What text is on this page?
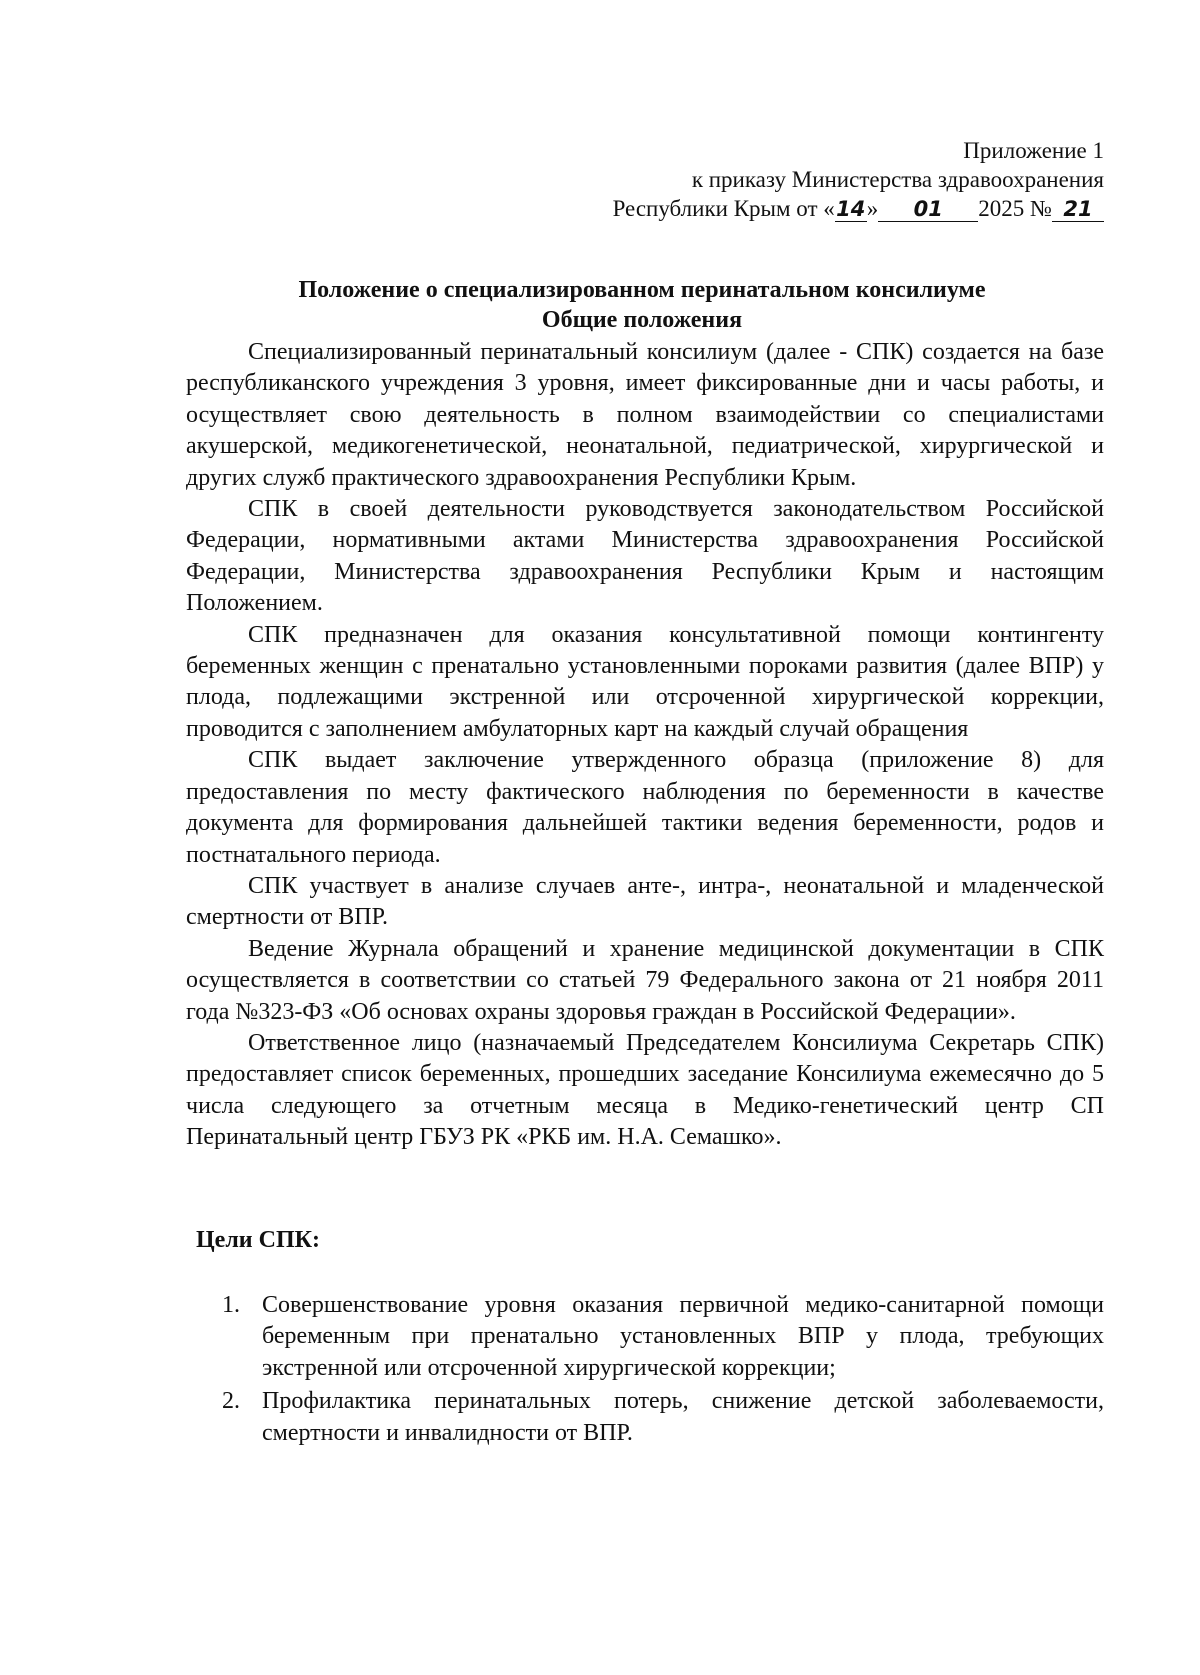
Приложение 1
к приказу Министерства здравоохранения
Республики Крым от «14» 01 2025 № 21
Положение о специализированном перинатальном консилиуме
Общие положения

Специализированный перинатальный консилиум (далее - СПК) создается на базе республиканского учреждения 3 уровня, имеет фиксированные дни и часы работы, и осуществляет свою деятельность в полном взаимодействии со специалистами акушерской, медикогенетической, неонатальной, педиатрической, хирургической и других служб практического здравоохранения Республики Крым.

СПК в своей деятельности руководствуется законодательством Российской Федерации, нормативными актами Министерства здравоохранения Российской Федерации, Министерства здравоохранения Республики Крым и настоящим Положением.

СПК предназначен для оказания консультативной помощи контингенту беременных женщин с пренатально установленными пороками развития (далее ВПР) у плода, подлежащими экстренной или отсроченной хирургической коррекции, проводится с заполнением амбулаторных карт на каждый случай обращения

СПК выдает заключение утвержденного образца (приложение 8) для предоставления по месту фактического наблюдения по беременности в качестве документа для формирования дальнейшей тактики ведения беременности, родов и постнатального периода.

СПК участвует в анализе случаев анте-, интра-, неонатальной и младенческой смертности от ВПР.

Ведение Журнала обращений и хранение медицинской документации в СПК осуществляется в соответствии со статьей 79 Федерального закона от 21 ноября 2011 года №323-ФЗ «Об основах охраны здоровья граждан в Российской Федерации».

Ответственное лицо (назначаемый Председателем Консилиума Секретарь СПК) предоставляет список беременных, прошедших заседание Консилиума ежемесячно до 5 числа следующего за отчетным месяца в Медико-генетический центр СП Перинатальный центр ГБУЗ РК «РКБ им. Н.А. Семашко».

Цели СПК:
1. Совершенствование уровня оказания первичной медико-санитарной помощи беременным при пренатально установленных ВПР у плода, требующих экстренной или отсроченной хирургической коррекции;
2. Профилактика перинатальных потерь, снижение детской заболеваемости, смертности и инвалидности от ВПР.
